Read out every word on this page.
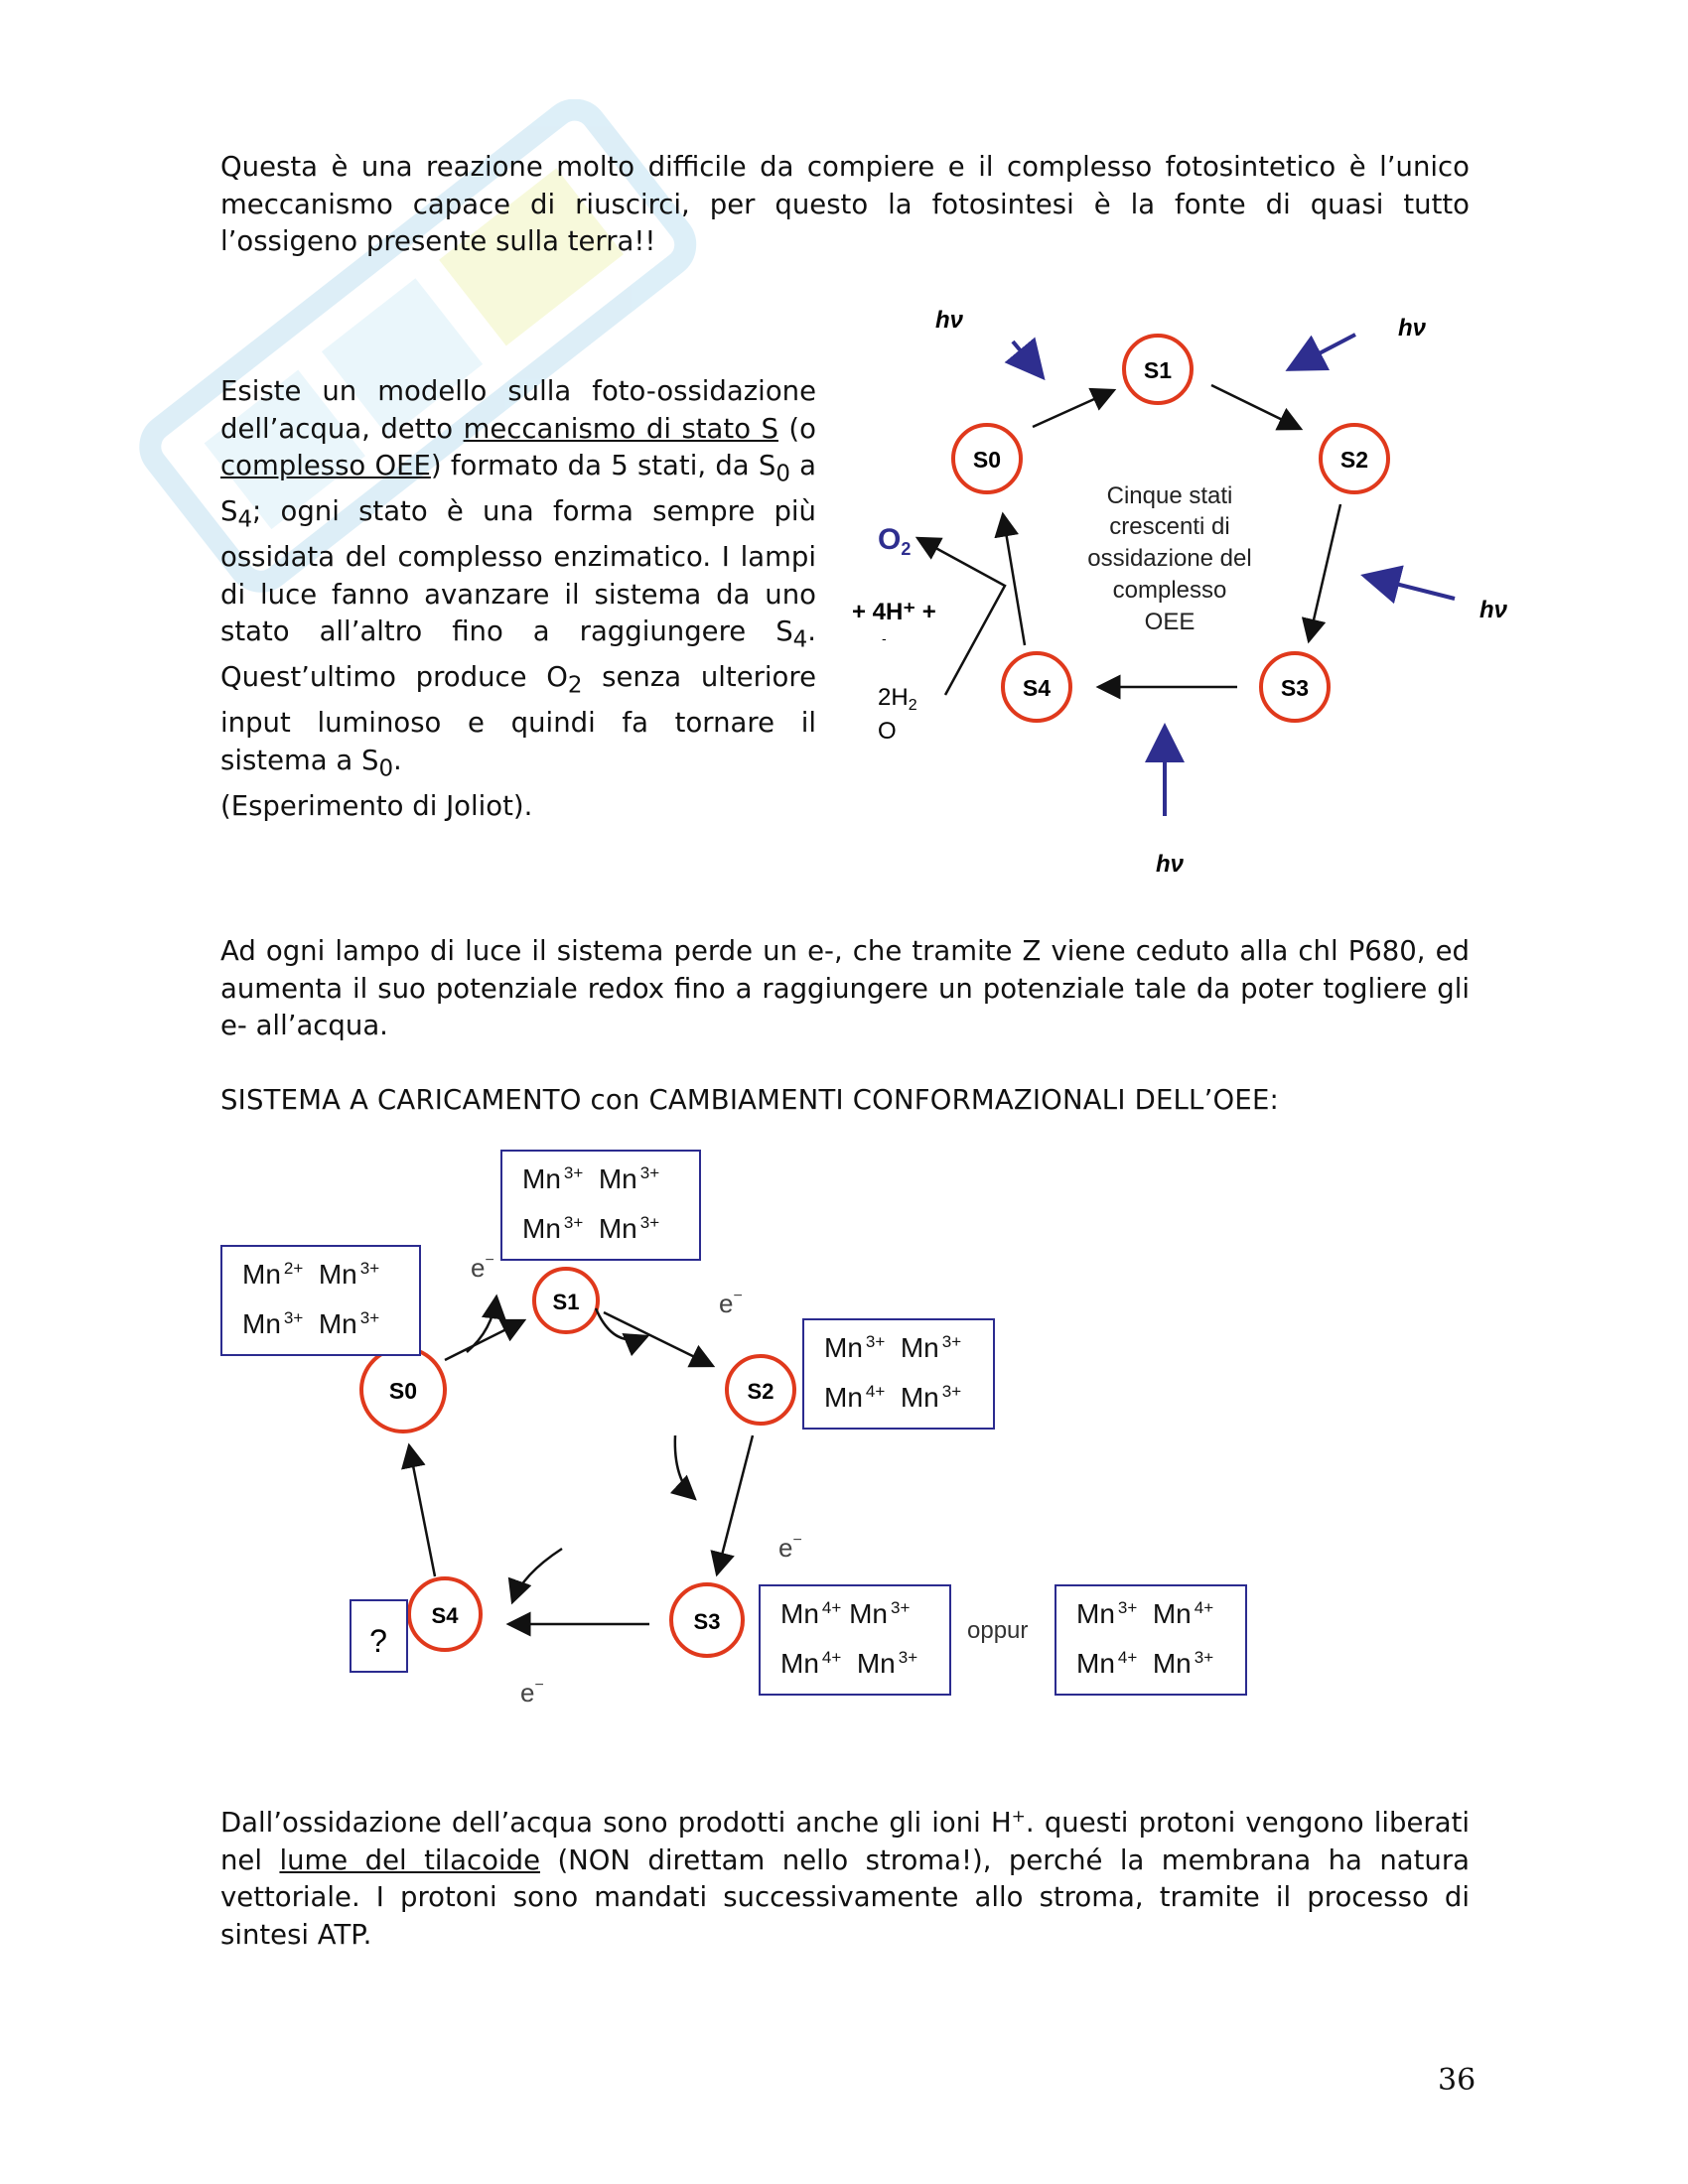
Questa è una reazione molto difficile da compiere e il complesso fotosintetico è l’unico meccanismo capace di riuscirci, per questo la fotosintesi è la fonte di quasi tutto l’ossigeno presente sulla terra!!

Esiste un modello sulla foto-ossidazione dell’acqua, detto meccanismo di stato S (o complesso OEE) formato da 5 stati, da $S_0$ a $S_4$; ogni stato è una forma sempre più ossidata del complesso enzimatico. I lampi di luce fanno avanzare il sistema da uno stato all’altro fino a raggiungere $S_4$. Quest’ultimo produce $O_2$ senza ulteriore input luminoso e quindi fa tornare il sistema a $S_0$.
(Esperimento di Joliot).

S1
S0	S2
S3
S4
hν	hν
hν
hν
Cinque stati
crescenti di
ossidazione del
complesso
OEE
$O_2$
+ 4H⁺ +
-
$2H_2$
O

Ad ogni lampo di luce il sistema perde un e-, che tramite Z viene ceduto alla chl P680, ed aumenta il suo potenziale redox fino a raggiungere un potenziale tale da poter togliere gli e- all’acqua.

SISTEMA A CARICAMENTO con CAMBIAMENTI CONFORMAZIONALI DELL’OEE:
S0
S1
S2
S3
S4
e−
e−
e−
e−
oppur
?
Mn $^{2+}$ Mn $^{3+}$
Mn $^{3+}$ Mn $^{3+}$
Mn $^{3+}$ Mn $^{3+}$
Mn $^{3+}$ Mn $^{3+}$
Mn $^{3+}$ Mn $^{3+}$
Mn $^{4+}$ Mn $^{3+}$
Mn $^{4+}$ Mn $^{3+}$
Mn $^{4+}$ Mn $^{3+}$
Mn $^{3+}$ Mn $^{4+}$
Mn $^{4+}$ Mn $^{3+}$

Dall’ossidazione dell’acqua sono prodotti anche gli ioni H+. questi protoni vengono liberati nel lume del tilacoide (NON direttam nello stroma!), perché la membrana ha natura vettoriale. I protoni sono mandati successivamente allo stroma, tramite il processo di sintesi ATP.

36
